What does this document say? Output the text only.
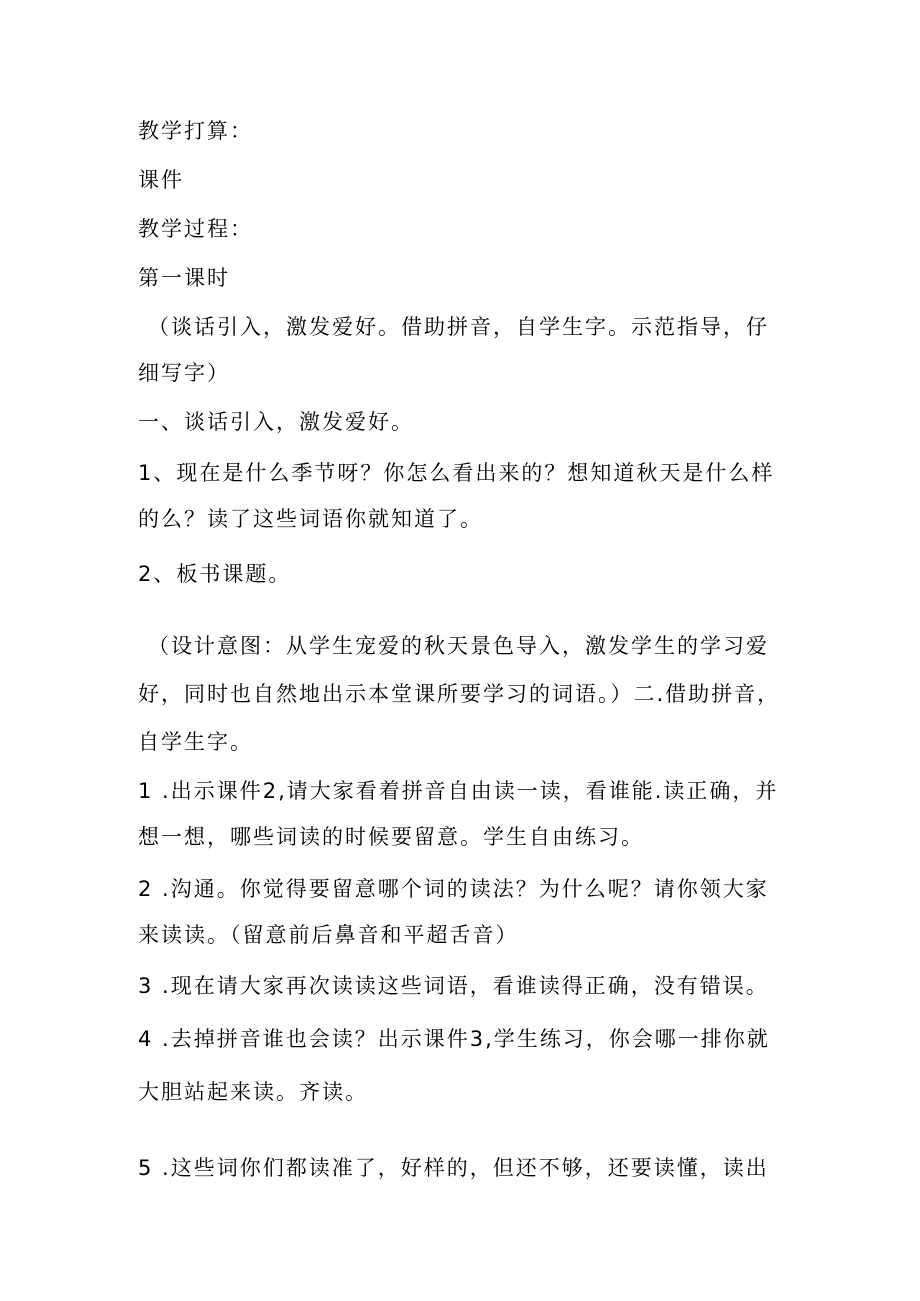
教学打算：
课件
教学过程：
第一课时
（谈话引入，激发爱好。借助拼音，自学生字。示范指导，仔
细写字）
一、谈话引入，激发爱好。
1、现在是什么季节呀？你怎么看出来的？想知道秋天是什么样
的么？读了这些词语你就知道了。
2、板书课题。
（设计意图：从学生宠爱的秋天景色导入，激发学生的学习爱
好，同时也自然地出示本堂课所要学习的词语。）二.借助拼音，
自学生字。
1 .出示课件2,请大家看着拼音自由读一读，看谁能.读正确，并
想一想，哪些词读的时候要留意。学生自由练习。
2 .沟通。你觉得要留意哪个词的读法？为什么呢？请你领大家
来读读。（留意前后鼻音和平超舌音）
3 .现在请大家再次读读这些词语，看谁读得正确，没有错误。
4 .去掉拼音谁也会读？出示课件3,学生练习，你会哪一排你就
大胆站起来读。齐读。
5 .这些词你们都读准了，好样的，但还不够，还要读懂，读出
